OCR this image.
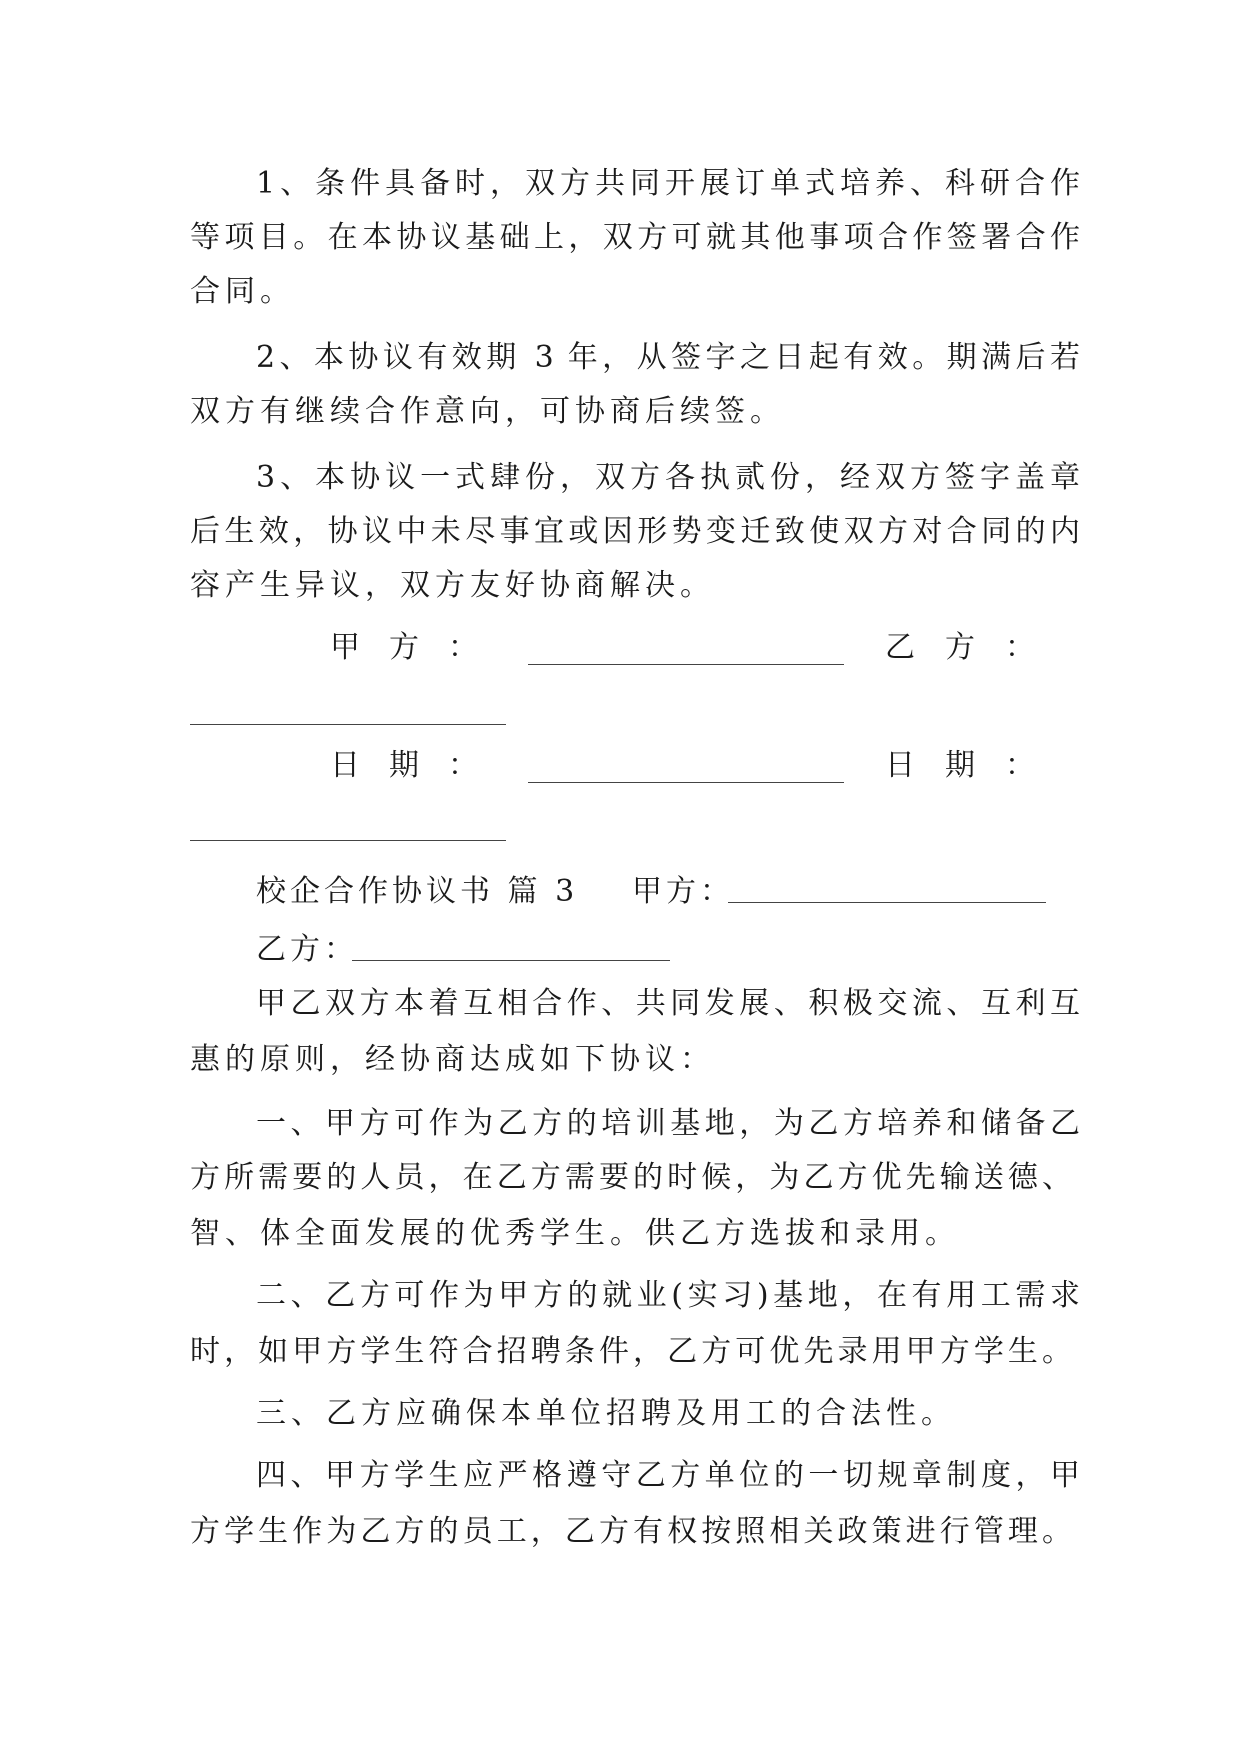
1、条件具备时，双方共同开展订单式培养、科研合作
等项目。在本协议基础上，双方可就其他事项合作签署合作
合同。
2、本协议有效期 3 年，从签字之日起有效。期满后若
双方有继续合作意向，可协商后续签。
3、本协议一式肆份，双方各执贰份，经双方签字盖章
后生效，协议中未尽事宜或因形势变迁致使双方对合同的内
容产生异议，双方友好协商解决。
甲 方 ：	乙 方 ：
日 期 ：	日 期 ：
校企合作协议书 篇 3 甲方：
乙方：
甲乙双方本着互相合作、共同发展、积极交流、互利互
惠的原则，经协商达成如下协议：
一、甲方可作为乙方的培训基地，为乙方培养和储备乙
方所需要的人员，在乙方需要的时候，为乙方优先输送德、
智、体全面发展的优秀学生。供乙方选拔和录用。
二、乙方可作为甲方的就业(实习)基地，在有用工需求
时，如甲方学生符合招聘条件，乙方可优先录用甲方学生。
三、乙方应确保本单位招聘及用工的合法性。
四、甲方学生应严格遵守乙方单位的一切规章制度，甲
方学生作为乙方的员工，乙方有权按照相关政策进行管理。
